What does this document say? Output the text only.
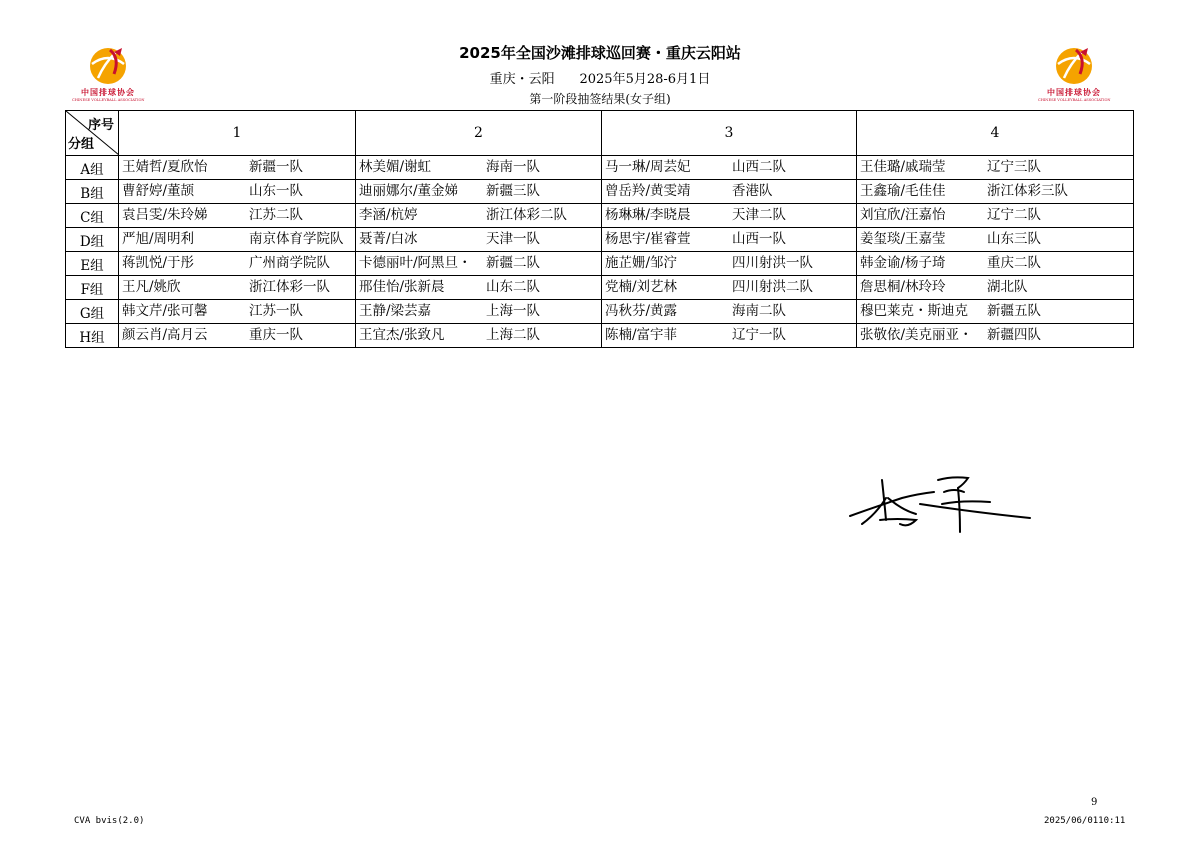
中国排球协会
CHINESE VOLLEYBALL ASSOCIATION
中国排球协会
CHINESE VOLLEYBALL ASSOCIATION
2025年全国沙滩排球巡回赛・重庆云阳站
重庆・云阳 2025年5月28-6月1日
第一阶段抽签结果(女子组)
序号
分组	1	2	3	4
A组	王婧哲/夏欣怡 新疆一队	林美媚/谢虹 海南一队	马一琳/周芸妃 山西二队	王佳璐/戚瑞莹 辽宁三队

B组	曹舒婷/董颉 山东一队	迪丽娜尔/董金娣 新疆三队	曾岳羚/黄雯靖 香港队	王鑫瑜/毛佳佳 浙江体彩三队

C组	袁吕雯/朱玲娣 江苏二队	李涵/杭婷 浙江体彩二队	杨琳琳/李晓晨 天津二队	刘宜欣/汪嘉怡 辽宁二队

D组	严旭/周明利 南京体育学院队	聂菁/白冰 天津一队	杨思宇/崔睿萱 山西一队	姜玺琰/王嘉莹 山东三队

E组	蒋凯悦/于彤 广州商学院队	卡德丽叶/阿黑旦・ 新疆二队	施芷姗/邹泞 四川射洪一队	韩金谕/杨子琦 重庆二队

F组	王凡/姚欣 浙江体彩一队	邢佳怡/张新晨 山东二队	党楠/刘艺林 四川射洪二队	詹思桐/林玲玲 湖北队

G组	韩文芹/张可馨 江苏一队	王静/梁芸嘉 上海一队	冯秋芬/黄露 海南二队	穆巴莱克・斯迪克 新疆五队

H组	颜云肖/高月云 重庆一队	王宜杰/张致凡 上海二队	陈楠/富宇菲 辽宁一队	张敬依/美克丽亚・ 新疆四队
9
CVA bvis(2.0)	2025/06/0110:11
